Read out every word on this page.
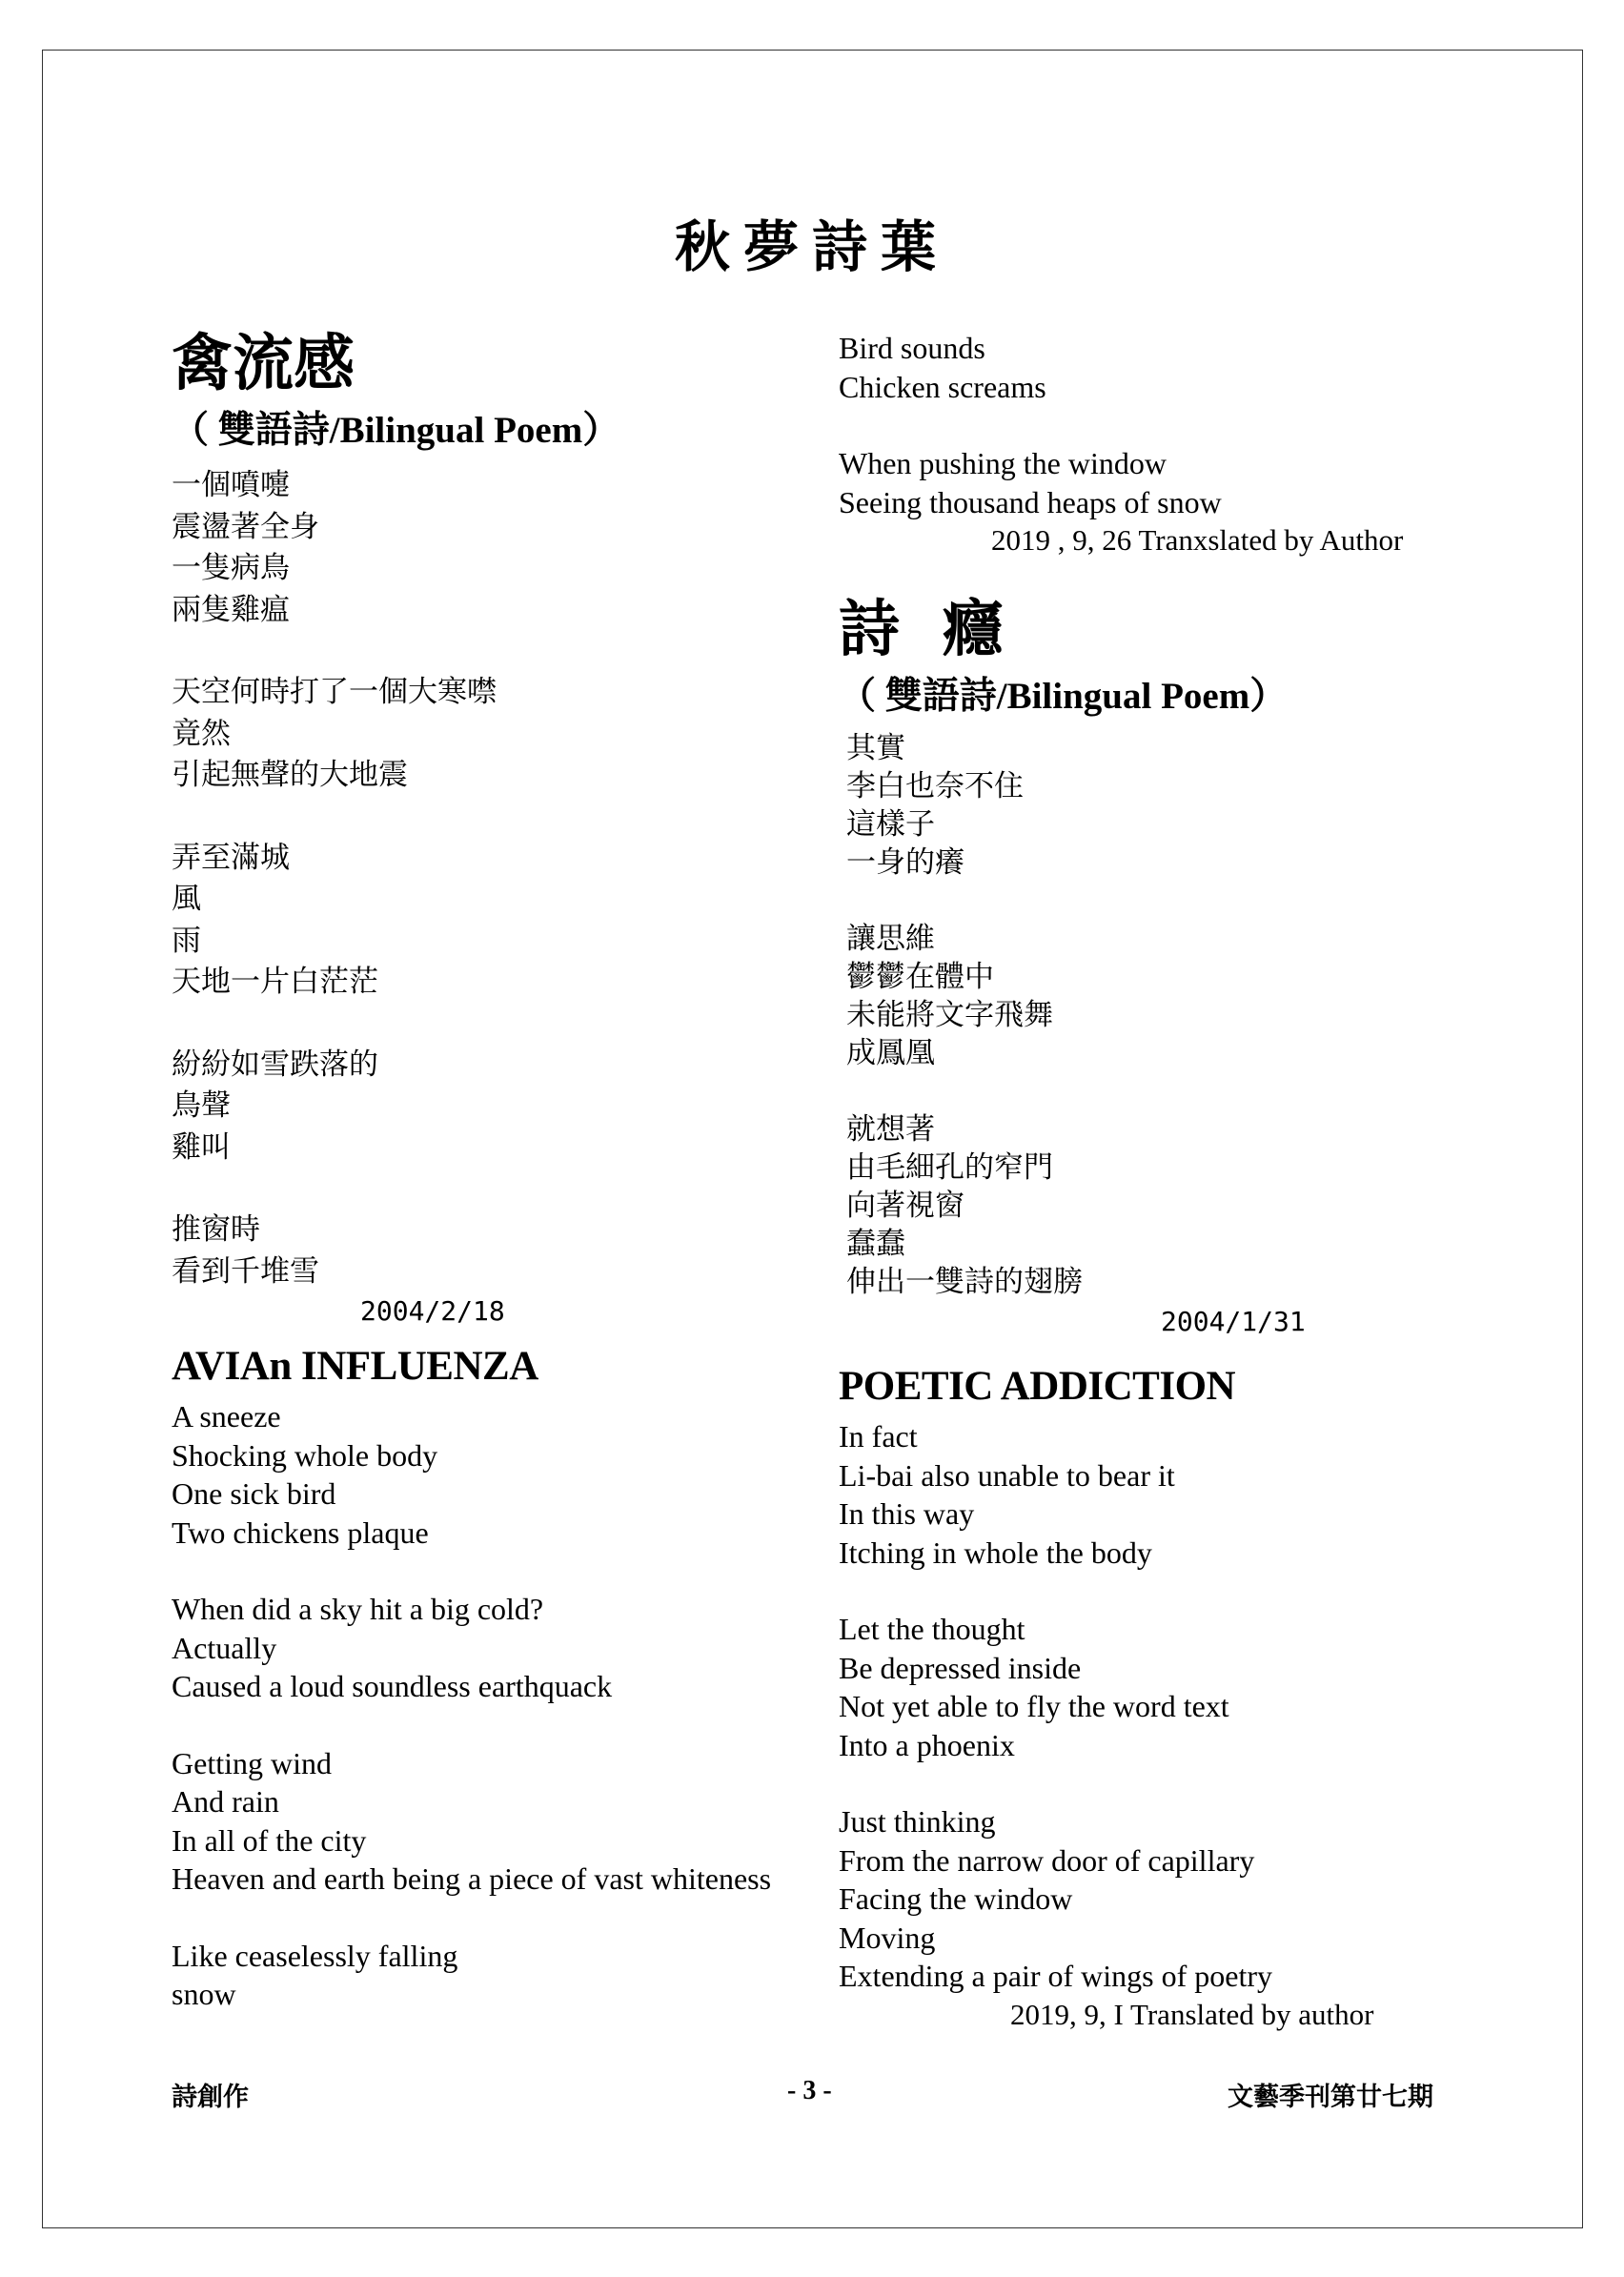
秋夢詩葉
禽流感
（ 雙語詩/Bilingual Poem）
一個噴嚏
震盪著全身
一隻病鳥
兩隻雞瘟
天空何時打了一個大寒噤
竟然
引起無聲的大地震
弄至滿城
風
雨
天地一片白茫茫
紛紛如雪跌落的
鳥聲
雞叫
推窗時
看到千堆雪
2004/2/18
AVIAn INFLUENZA
A sneeze
Shocking whole body
One sick bird
Two chickens plaque
When did a sky hit a big cold?
Actually
Caused a loud soundless earthquack
Getting wind
And rain
In all of the city
Heaven and earth being a piece of vast whiteness
Like ceaselessly falling
snow
Bird sounds
Chicken screams
When pushing the window
Seeing thousand heaps of snow
2019 , 9, 26 Tranxslated by Author
詩  癮
（ 雙語詩/Bilingual Poem）
其實
李白也奈不住
這樣子
一身的癢
讓思維
鬱鬱在體中
未能將文字飛舞
成鳳凰
就想著
由毛細孔的窄門
向著視窗
蠢蠢
伸出一雙詩的翅膀
2004/1/31
POETIC ADDICTION
In fact
Li-bai also unable to bear it
In this way
Itching in whole the body
Let the thought
Be depressed inside
Not yet able to fly the word text
Into a phoenix
Just thinking
From the narrow door of capillary
Facing the window
Moving
Extending a pair of wings of poetry
2019, 9, I Translated by author
詩創作	- 3 -	文藝季刊第廿七期
